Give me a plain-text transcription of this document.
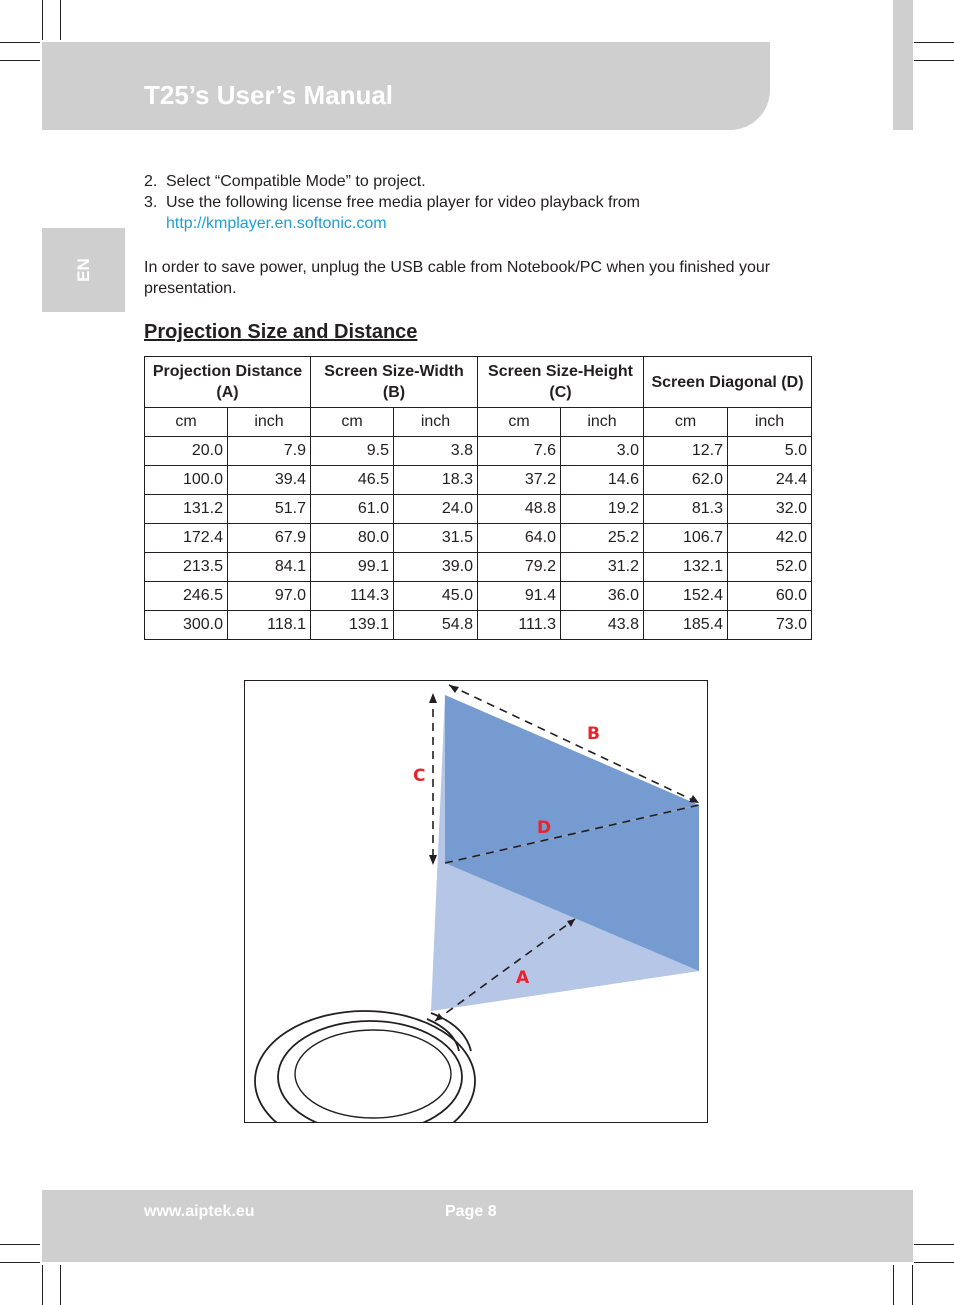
T25’s User’s Manual
EN
2. Select “Compatible Mode” to project.
3. Use the following license free media player for video playback from
http://kmplayer.en.softonic.com
In order to save power, unplug the USB cable from Notebook/PC when you finished your presentation.
Projection Size and Distance
Projection Distance (A)		Screen Size-Width (B)		Screen Size-Height (C)		Screen Diagonal (D)	
cm	inch	cm	inch	cm	inch	cm	inch
20.0	7.9	9.5	3.8	7.6	3.0	12.7	5.0
100.0	39.4	46.5	18.3	37.2	14.6	62.0	24.4
131.2	51.7	61.0	24.0	48.8	19.2	81.3	32.0
172.4	67.9	80.0	31.5	64.0	25.2	106.7	42.0
213.5	84.1	99.1	39.0	79.2	31.2	132.1	52.0
246.5	97.0	114.3	45.0	91.4	36.0	152.4	60.0
300.0	118.1	139.1	54.8	111.3	43.8	185.4	73.0
B
C
D
A
www.aiptek.eu	Page 8
